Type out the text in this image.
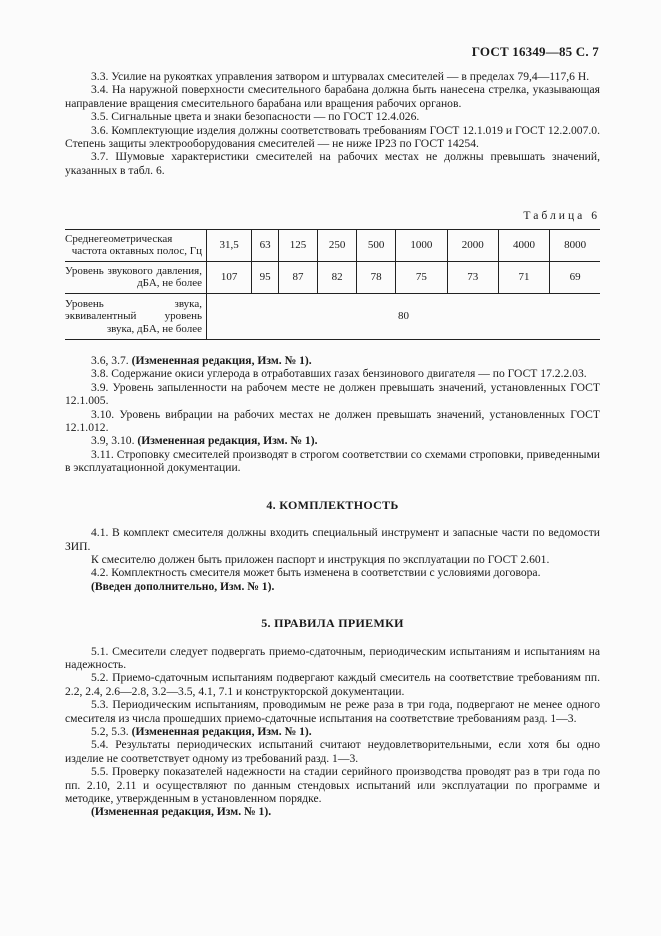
ГОСТ 16349—85 С. 7

3.3. Усилие на рукоятках управления затвором и штурвалах смесителей — в пределах 79,4—117,6 Н.

3.4. На наружной поверхности смесительного барабана должна быть нанесена стрелка, указывающая направление вращения смесительного барабана или вращения рабочих органов.

3.5. Сигнальные цвета и знаки безопасности — по ГОСТ 12.4.026.

3.6. Комплектующие изделия должны соответствовать требованиям ГОСТ 12.1.019 и ГОСТ 12.2.007.0. Степень защиты электрооборудования смесителей — не ниже IP23 по ГОСТ 14254.

3.7. Шумовые характеристики смесителей на рабочих местах не должны превышать значений, указанных в табл. 6.

Таблица 6
Среднегеометрическая частота октавных полос, Гц	31,5	63	125	250	500	1000	2000	4000	8000
Уровень звукового давления, дБА, не более	107	95	87	82	78	75	73	71	69
Уровень звука, эквивалентный уровень звука, дБА, не более	80								

3.6, 3.7. (Измененная редакция, Изм. № 1).

3.8. Содержание окиси углерода в отработавших газах бензинового двигателя — по ГОСТ 17.2.2.03.

3.9. Уровень запыленности на рабочем месте не должен превышать значений, установленных ГОСТ 12.1.005.

3.10. Уровень вибрации на рабочих местах не должен превышать значений, установленных ГОСТ 12.1.012.

3.9, 3.10. (Измененная редакция, Изм. № 1).

3.11. Строповку смесителей производят в строгом соответствии со схемами строповки, приведенными в эксплуатационной документации.

4. КОМПЛЕКТНОСТЬ

4.1. В комплект смесителя должны входить специальный инструмент и запасные части по ведомости ЗИП.

К смесителю должен быть приложен паспорт и инструкция по эксплуатации по ГОСТ 2.601.

4.2. Комплектность смесителя может быть изменена в соответствии с условиями договора.

(Введен дополнительно, Изм. № 1).

5. ПРАВИЛА ПРИЕМКИ

5.1. Смесители следует подвергать приемо-сдаточным, периодическим испытаниям и испытаниям на надежность.

5.2. Приемо-сдаточным испытаниям подвергают каждый смеситель на соответствие требованиям пп. 2.2, 2.4, 2.6—2.8, 3.2—3.5, 4.1, 7.1 и конструкторской документации.

5.3. Периодическим испытаниям, проводимым не реже раза в три года, подвергают не менее одного смесителя из числа прошедших приемо-сдаточные испытания на соответствие требованиям разд. 1—3.

5.2, 5.3. (Измененная редакция, Изм. № 1).

5.4. Результаты периодических испытаний считают неудовлетворительными, если хотя бы одно изделие не соответствует одному из требований разд. 1—3.

5.5. Проверку показателей надежности на стадии серийного производства проводят раз в три года по пп. 2.10, 2.11 и осуществляют по данным стендовых испытаний или эксплуатации по программе и методике, утвержденным в установленном порядке.

(Измененная редакция, Изм. № 1).
